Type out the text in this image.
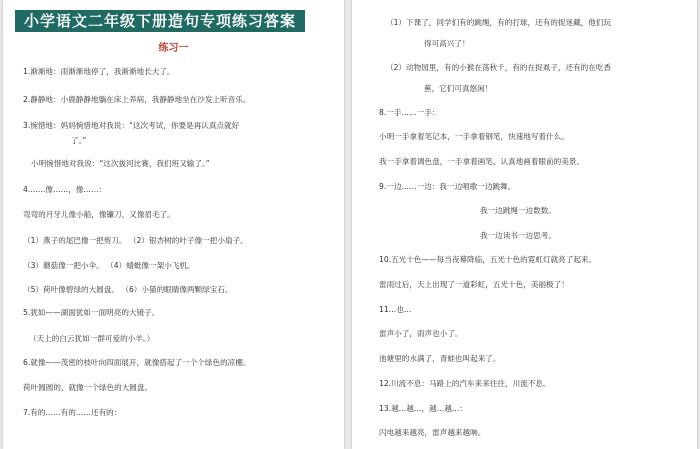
小学语文二年级下册造句专项练习答案
练习一
1.渐渐地：雨渐渐地停了，我渐渐地长大了。
2.静静地：小鹿静静地躺在床上养病，我静静地坐在沙发上听音乐。
3.惋惜地：妈妈惋惜地对我说：“这次考试，你要是再认真点就好
了。”
小明惋惜地对我说：“这次拔河比赛，我们班又输了。”
4.……像……，像……：
弯弯的月牙儿像小船，像镰刀，又像眉毛了。
（1）燕子的尾巴像一把剪刀。 （2）银杏树的叶子像一把小扇子。
（3）蘑菇像一把小伞。 （4）蜻蜓像一架小飞机。
（5）荷叶像碧绿的大圆盘。 （6）小猫的眼睛像两颗绿宝石。
5.犹如——湖面犹如一面明亮的大镜子。
（天上的白云犹如一群可爱的小羊。）
6.就像——茂密的枝叶向四面展开，就像搭起了一个个绿色的凉棚。
荷叶圆圆的，就像一个绿色的大圆盘。
7.有的……有的……还有的：
（1）下课了，同学们有的跳绳，有的打球，还有的捉迷藏，他们玩
得可高兴了！
（2）动物园里，有的小猴在荡秋千，有的在捉虱子，还有的在吃香
蕉，它们可真悠闲！
8.一手……一手：
小明一手拿着笔记本，一手拿着钢笔，快速地写着什么。
我一手拿着调色盘，一手拿着画笔，认真地画着眼前的美景。
9.一边……一边：我一边唱歌一边跳舞。
我一边跳绳一边数数。
我一边读书一边思考。
10.五光十色——每当夜幕降临，五光十色的霓虹灯就亮了起来。
雷雨过后，天上出现了一道彩虹，五光十色，美丽极了！
11…也…
雷声小了，雨声也小了。
池塘里的水满了，青蛙也叫起来了。
12.川流不息：马路上的汽车来来往往，川流不息。
13.越…越…，越…越…：
闪电越来越亮，雷声越来越响。
